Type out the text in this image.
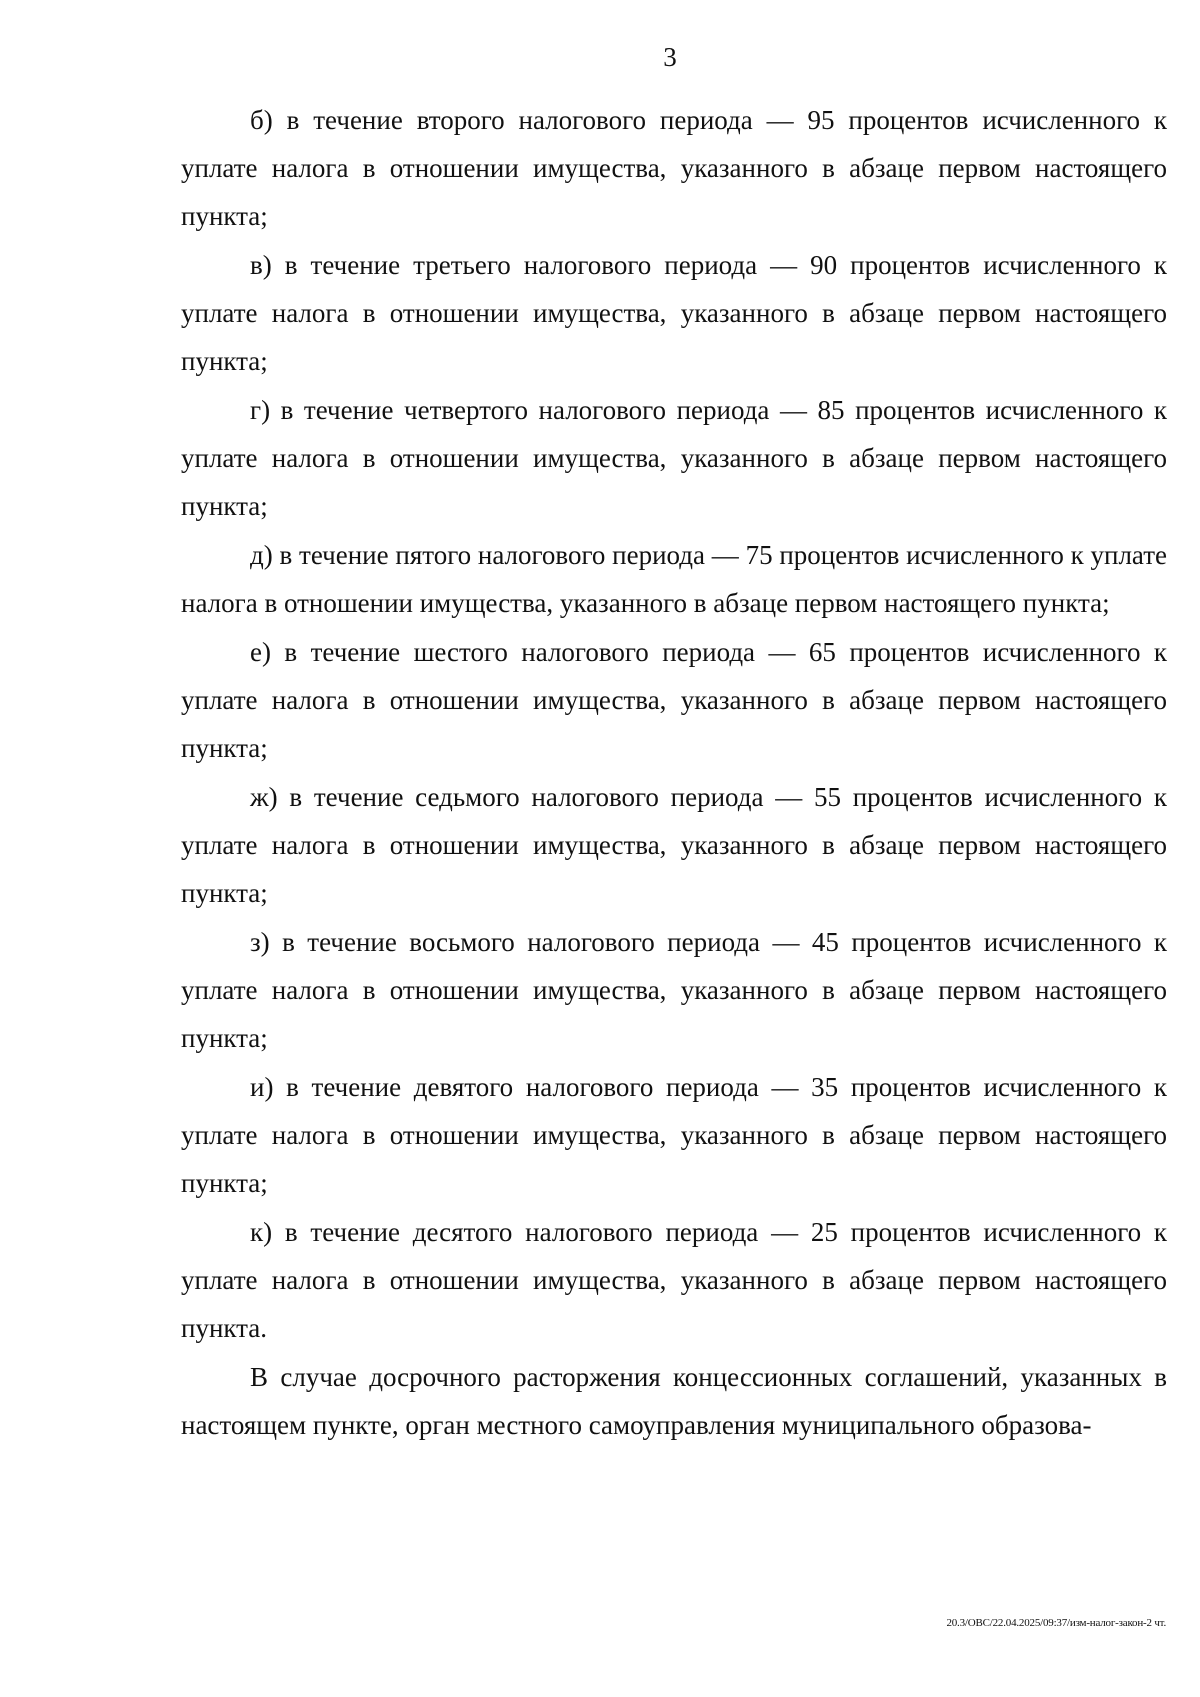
3

б) в течение второго налогового периода — 95 процентов исчисленного к уплате налога в отношении имущества, указанного в абзаце первом настоящего пункта;

в) в течение третьего налогового периода — 90 процентов исчисленного к уплате налога в отношении имущества, указанного в абзаце первом настоящего пункта;

г) в течение четвертого налогового периода — 85 процентов исчисленного к уплате налога в отношении имущества, указанного в абзаце первом настоящего пункта;

д) в течение пятого налогового периода — 75 процентов исчисленного к уплате налога в отношении имущества, указанного в абзаце первом настоящего пункта;

е) в течение шестого налогового периода — 65 процентов исчисленного к уплате налога в отношении имущества, указанного в абзаце первом настоящего пункта;

ж) в течение седьмого налогового периода — 55 процентов исчисленного к уплате налога в отношении имущества, указанного в абзаце первом настоящего пункта;

з) в течение восьмого налогового периода — 45 процентов исчисленного к уплате налога в отношении имущества, указанного в абзаце первом настоящего пункта;

и) в течение девятого налогового периода — 35 процентов исчисленного к уплате налога в отношении имущества, указанного в абзаце первом настоящего пункта;

к) в течение десятого налогового периода — 25 процентов исчисленного к уплате налога в отношении имущества, указанного в абзаце первом настоящего пункта.

В случае досрочного расторжения концессионных соглашений, указанных в настоящем пункте, орган местного самоуправления муниципального образова-

20.3/ОВС/22.04.2025/09:37/изм-налог-закон-2 чт.
